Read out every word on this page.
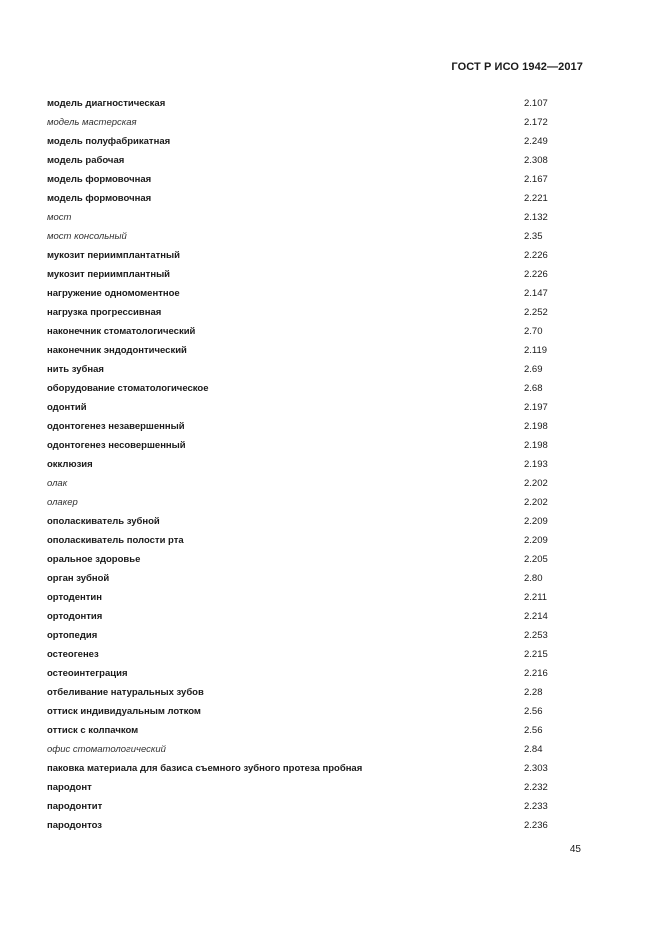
ГОСТ Р ИСО 1942—2017
модель диагностическая	2.107
модель мастерская	2.172
модель полуфабрикатная	2.249
модель рабочая	2.308
модель формовочная	2.167
модель формовочная	2.221
мост	2.132
мост консольный	2.35
мукозит периимплантатный	2.226
мукозит периимплантный	2.226
нагружение одномоментное	2.147
нагрузка прогрессивная	2.252
наконечник стоматологический	2.70
наконечник эндодонтический	2.119
нить зубная	2.69
оборудование стоматологическое	2.68
одонтий	2.197
одонтогенез незавершенный	2.198
одонтогенез несовершенный	2.198
окклюзия	2.193
олак	2.202
олакер	2.202
ополаскиватель зубной	2.209
ополаскиватель полости рта	2.209
оральное здоровье	2.205
орган зубной	2.80
ортодентин	2.211
ортодонтия	2.214
ортопедия	2.253
остеогенез	2.215
остеоинтеграция	2.216
отбеливание натуральных зубов	2.28
оттиск индивидуальным лотком	2.56
оттиск с колпачком	2.56
офис стоматологический	2.84
паковка материала для базиса съемного зубного протеза пробная	2.303
пародонт	2.232
пародонтит	2.233
пародонтоз	2.236
45
